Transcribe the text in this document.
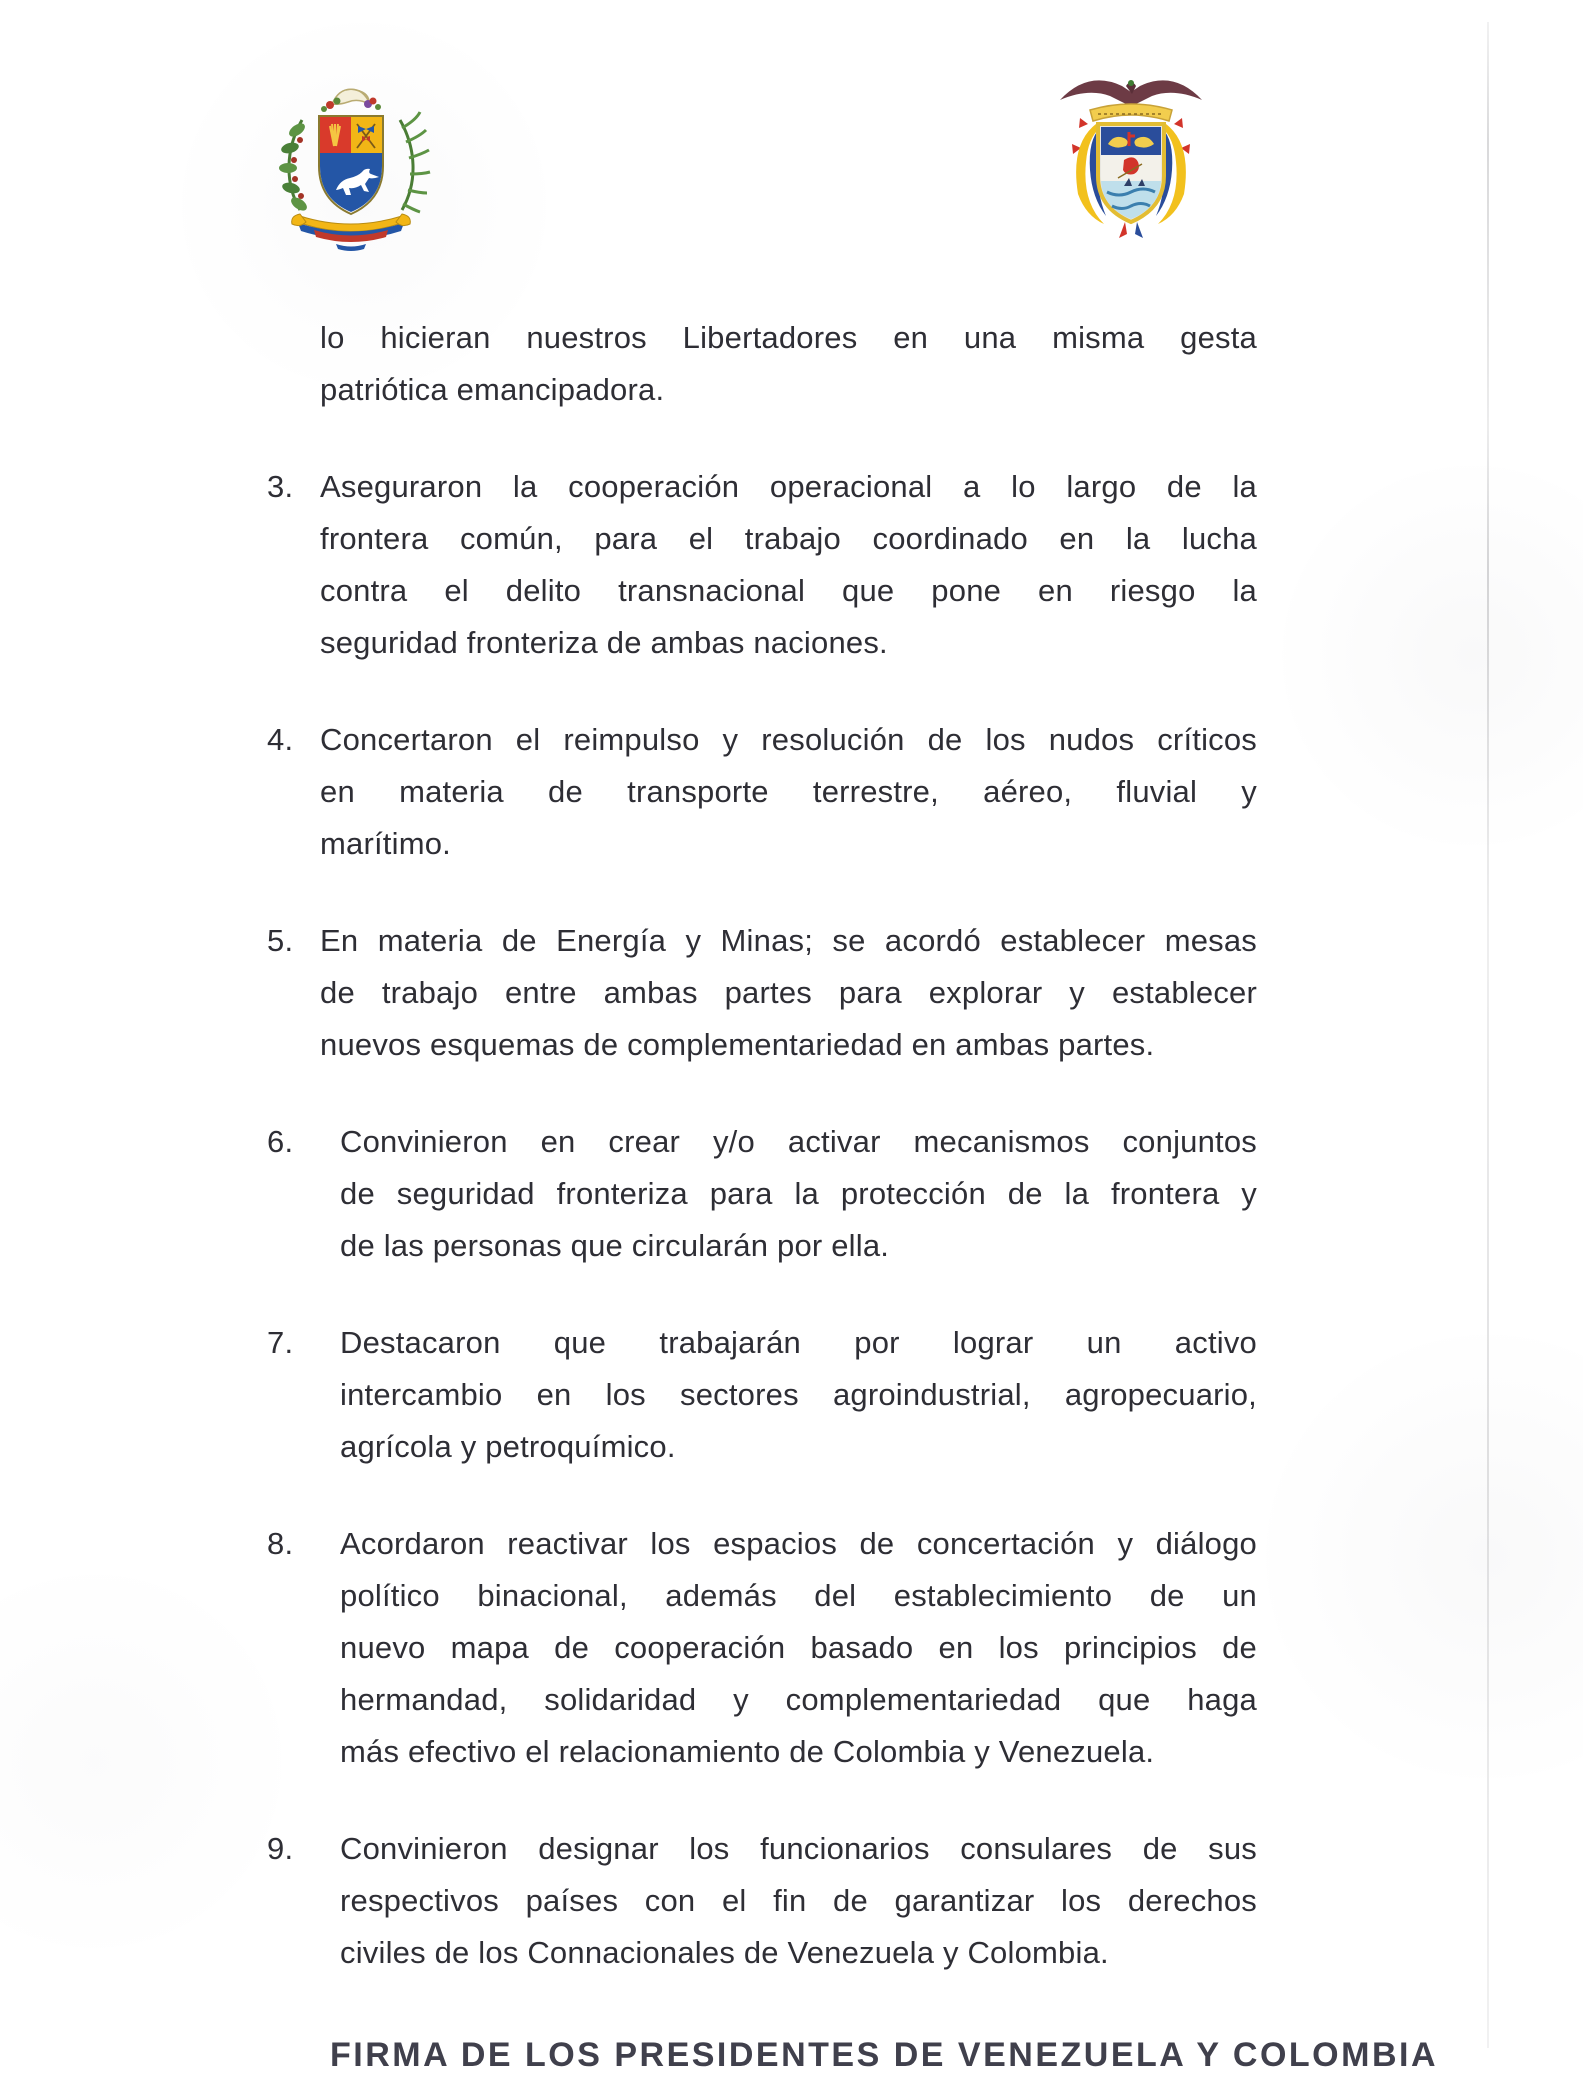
lo hicieran nuestros Libertadores en una misma gesta
patriótica emancipadora.
3. Aseguraron la cooperación operacional a lo largo de la
frontera común, para el trabajo coordinado en la lucha
contra el delito transnacional que pone en riesgo la
seguridad fronteriza de ambas naciones.
4. Concertaron el reimpulso y resolución de los nudos críticos
en materia de transporte terrestre, aéreo, fluvial y
marítimo.
5. En materia de Energía y Minas; se acordó establecer mesas
de trabajo entre ambas partes para explorar y establecer
nuevos esquemas de complementariedad en ambas partes.
6.	Convinieron en crear y/o activar mecanismos conjuntos
de seguridad fronteriza para la protección de la frontera y
de las personas que circularán por ella.
7.	Destacaron que trabajarán por lograr un activo
intercambio en los sectores agroindustrial, agropecuario,
agrícola y petroquímico.
8.	Acordaron reactivar los espacios de concertación y diálogo
político binacional, además del establecimiento de un
nuevo mapa de cooperación basado en los principios de
hermandad, solidaridad y complementariedad que haga
más efectivo el relacionamiento de Colombia y Venezuela.
9.	Convinieron designar los funcionarios consulares de sus
respectivos países con el fin de garantizar los derechos
civiles de los Connacionales de Venezuela y Colombia.
FIRMA DE LOS PRESIDENTES DE VENEZUELA Y COLOMBIA
